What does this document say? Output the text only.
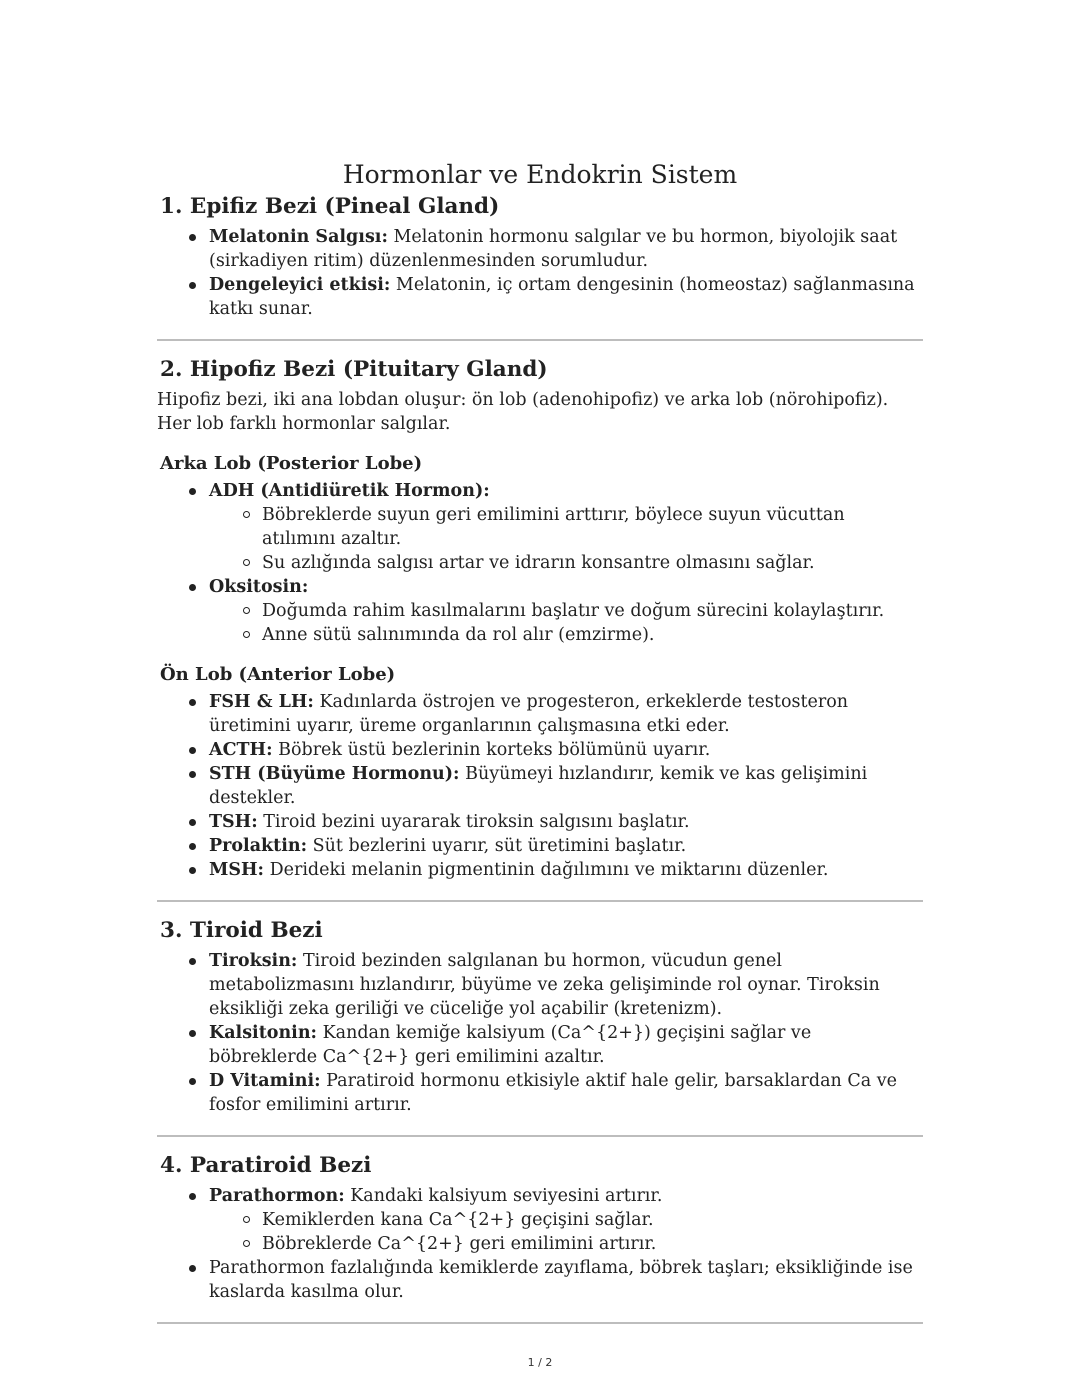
Hormonlar ve Endokrin Sistem
1. Epifiz Bezi (Pineal Gland)
Melatonin Salgısı: Melatonin hormonu salgılar ve bu hormon, biyolojik saat (sirkadiyen ritim) düzenlenmesinden sorumludur.
Dengeleyici etkisi: Melatonin, iç ortam dengesinin (homeostaz) sağlanmasına katkı sunar.
2. Hipofiz Bezi (Pituitary Gland)

Hipofiz bezi, iki ana lobdan oluşur: ön lob (adenohipofiz) ve arka lob (nörohipofiz). Her lob farklı hormonlar salgılar.

Arka Lob (Posterior Lobe)
ADH (Antidiüretik Hormon):
Böbreklerde suyun geri emilimini arttırır, böylece suyun vücuttan atılımını azaltır.
Su azlığında salgısı artar ve idrarın konsantre olmasını sağlar.
Oksitosin:
Doğumda rahim kasılmalarını başlatır ve doğum sürecini kolaylaştırır.
Anne sütü salınımında da rol alır (emzirme).
Ön Lob (Anterior Lobe)
FSH & LH: Kadınlarda östrojen ve progesteron, erkeklerde testosteron üretimini uyarır, üreme organlarının çalışmasına etki eder.
ACTH: Böbrek üstü bezlerinin korteks bölümünü uyarır.
STH (Büyüme Hormonu): Büyümeyi hızlandırır, kemik ve kas gelişimini destekler.
TSH: Tiroid bezini uyararak tiroksin salgısını başlatır.
Prolaktin: Süt bezlerini uyarır, süt üretimini başlatır.
MSH: Derideki melanin pigmentinin dağılımını ve miktarını düzenler.
3. Tiroid Bezi
Tiroksin: Tiroid bezinden salgılanan bu hormon, vücudun genel metabolizmasını hızlandırır, büyüme ve zeka gelişiminde rol oynar. Tiroksin eksikliği zeka geriliği ve cüceliğe yol açabilir (kretenizm).
Kalsitonin: Kandan kemiğe kalsiyum (Ca^{2+}) geçişini sağlar ve böbreklerde Ca^{2+} geri emilimini azaltır.
D Vitamini: Paratiroid hormonu etkisiyle aktif hale gelir, barsaklardan Ca ve fosfor emilimini artırır.
4. Paratiroid Bezi
Parathormon: Kandaki kalsiyum seviyesini artırır.
Kemiklerden kana Ca^{2+} geçişini sağlar.
Böbreklerde Ca^{2+} geri emilimini artırır.
Parathormon fazlalığında kemiklerde zayıflama, böbrek taşları; eksikliğinde ise kaslarda kasılma olur.
1 / 2
